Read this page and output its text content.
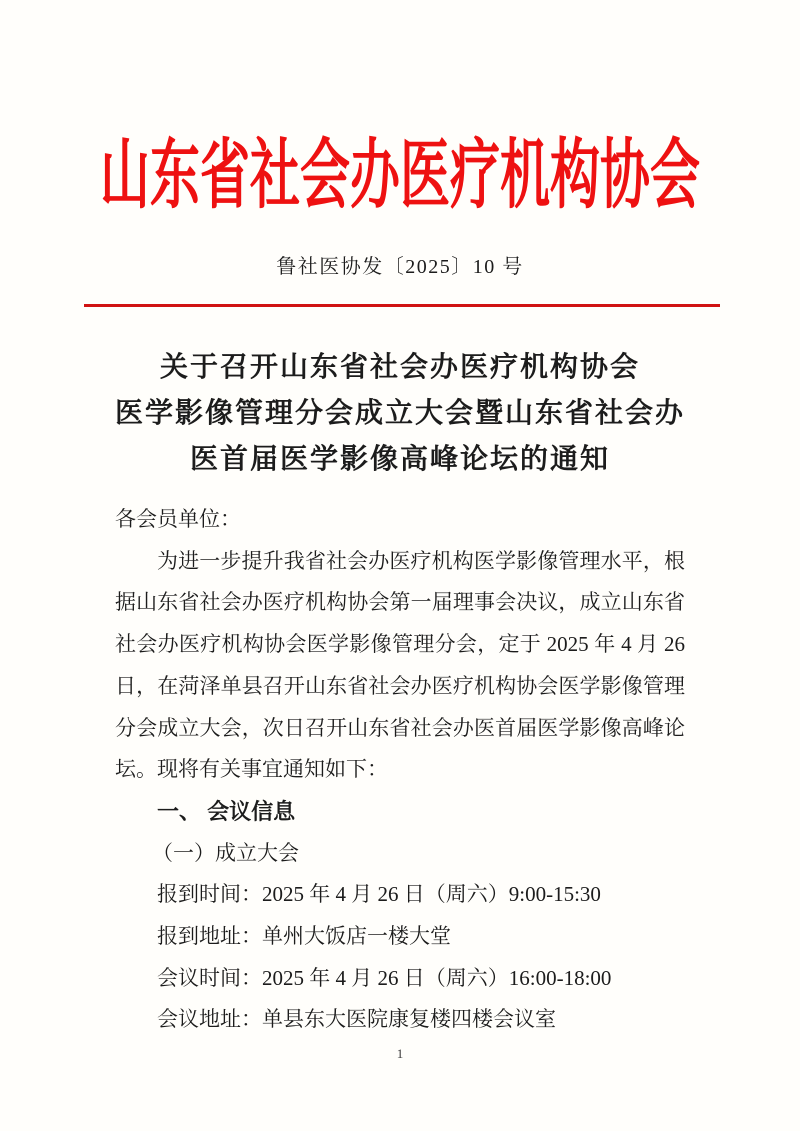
山东省社会办医疗机构协会
鲁社医协发〔2025〕10 号
关于召开山东省社会办医疗机构协会
医学影像管理分会成立大会暨山东省社会办
医首届医学影像高峰论坛的通知
各会员单位：
为进一步提升我省社会办医疗机构医学影像管理水平，根
据山东省社会办医疗机构协会第一届理事会决议，成立山东省
社会办医疗机构协会医学影像管理分会，定于 2025 年 4 月 26
日，在菏泽单县召开山东省社会办医疗机构协会医学影像管理
分会成立大会，次日召开山东省社会办医首届医学影像高峰论
坛。现将有关事宜通知如下：
一、 会议信息
（一）成立大会
报到时间：2025 年 4 月 26 日（周六）9:00-15:30
报到地址：单州大饭店一楼大堂
会议时间：2025 年 4 月 26 日（周六）16:00-18:00
会议地址：单县东大医院康复楼四楼会议室
1
